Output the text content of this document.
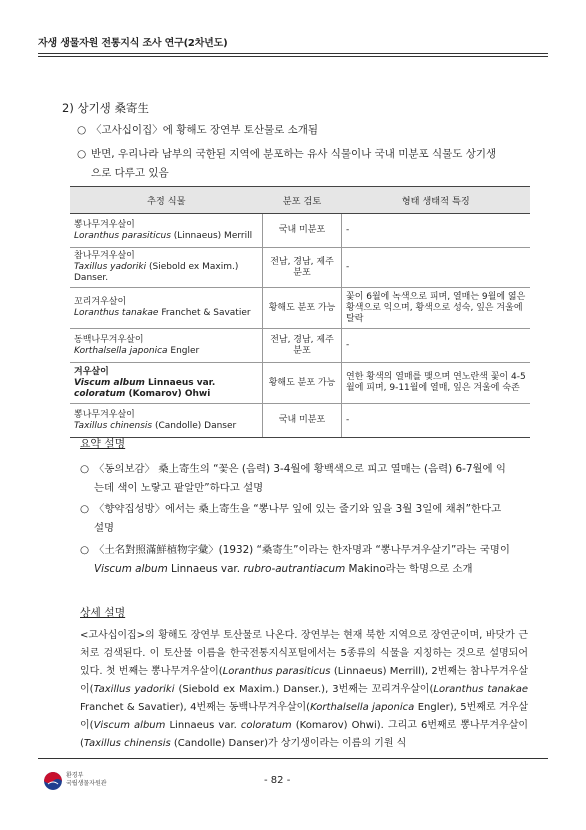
자생 생물자원 전통지식 조사 연구(2차년도)
2) 상기생 桑寄生
○ 〈고사십이집〉에 황해도 장연부 토산물로 소개됨
○ 반면, 우리나라 남부의 국한된 지역에 분포하는 유사 식물이나 국내 미분포 식물도 상기생
으로 다루고 있음
추정 식물	분포 검토	형태 생태적 특징

뽕나무겨우살이
Loranthus parasiticus (Linnaeus) Merrill	국내 미분포	-

참나무겨우살이
Taxillus yadoriki (Siebold ex Maxim.) Danser.	전남, 경남, 제주 분포	-

꼬리겨우살이
Loranthus tanakae Franchet & Savatier	황해도 분포 가능	꽃이 6월에 녹색으로 피며, 열매는 9월에 엷은 황색으로 익으며, 황색으로 성숙, 잎은 겨울에 탈락

동백나무겨우살이
Korthalsella japonica Engler	전남, 경남, 제주 분포	-

겨우살이
Viscum album Linnaeus var. coloratum (Komarov) Ohwi	황해도 분포 가능	연한 황색의 열매를 맺으며 연노란색 꽃이 4-5월에 피며, 9-11월에 열매, 잎은 겨울에 숙존

뽕나무겨우살이
Taxillus chinensis (Candolle) Danser	국내 미분포	-
요약 설명
○ 〈동의보감〉 桑上寄生의 “꽃은 (음력) 3-4월에 황백색으로 피고 열매는 (음력) 6-7월에 익
는데 색이 노랗고 팥알만”하다고 설명
○ 〈향약집성방〉에서는 桑上寄生을 “뽕나무 잎에 있는 줄기와 잎을 3월 3일에 채취”한다고
설명
○ 〈土名對照滿鮮植物字彙〉(1932) “桑寄生”이라는 한자명과 “뽕나무겨우살기”라는 국명이
Viscum album Linnaeus var. rubro-autrantiacum Makino라는 학명으로 소개
상세 설명
<고사십이집>의 황해도 장연부 토산물로 나온다. 장연부는 현재 북한 지역으로 장연군이며, 바닷가 근처로 검색된다. 이 토산물 이름을 한국전통지식포털에서는 5종류의 식물을 지칭하는 것으로 설명되어 있다. 첫 번째는 뽕나무겨우살이(Loranthus parasiticus (Linnaeus) Merrill), 2번째는 참나무겨우살이(Taxillus yadoriki (Siebold ex Maxim.) Danser.), 3번째는 꼬리겨우살이(Loranthus tanakae Franchet & Savatier), 4번째는 동백나무겨우살이(Korthalsella japonica Engler), 5번째로 겨우살이(Viscum album Linnaeus var. coloratum (Komarov) Ohwi). 그리고 6번째로 뽕나무겨우살이(Taxillus chinensis (Candolle) Danser)가 상기생이라는 이름의 기원 식
환경부
국립생물자원관	- 82 -
